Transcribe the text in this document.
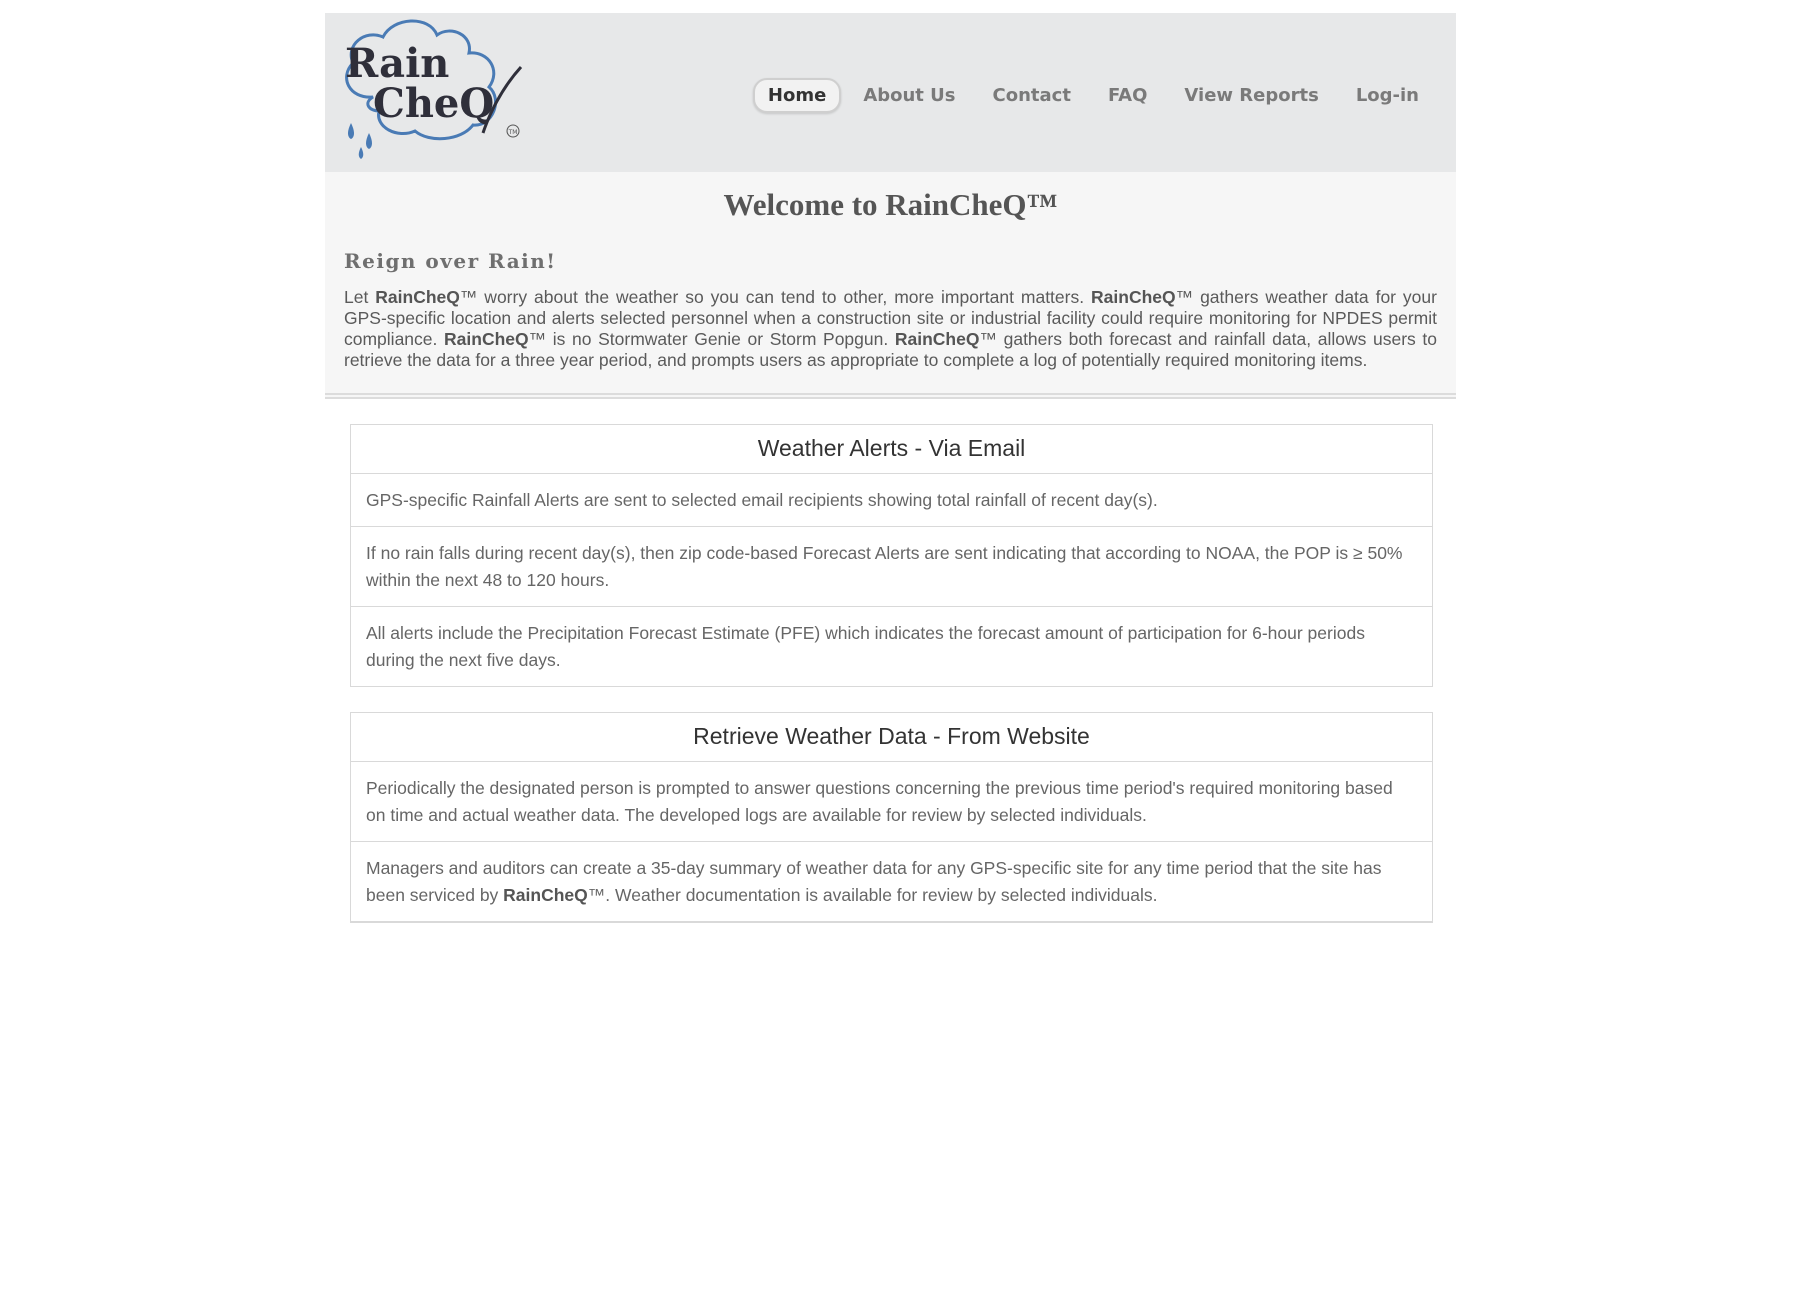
TM
Rain
CheQ	Home	About Us	Contact	FAQ	View Reports	Log-in
Welcome to RainCheQ™
Reign over Rain!

Let RainCheQ™ worry about the weather so you can tend to other, more important matters. RainCheQ™ gathers weather data for your GPS-specific location and alerts selected personnel when a construction site or industrial facility could require monitoring for NPDES permit compliance. RainCheQ™ is no Stormwater Genie or Storm Popgun. RainCheQ™ gathers both forecast and rainfall data, allows users to retrieve the data for a three year period, and prompts users as appropriate to complete a log of potentially required monitoring items.

Weather Alerts - Via Email
GPS-specific Rainfall Alerts are sent to selected email recipients showing total rainfall of recent day(s).
If no rain falls during recent day(s), then zip code-based Forecast Alerts are sent indicating that according to NOAA, the POP is ≥ 50% within the next 48 to 120 hours.
All alerts include the Precipitation Forecast Estimate (PFE) which indicates the forecast amount of participation for 6-hour periods during the next five days.
Retrieve Weather Data - From Website
Periodically the designated person is prompted to answer questions concerning the previous time period's required monitoring based on time and actual weather data. The developed logs are available for review by selected individuals.
Managers and auditors can create a 35-day summary of weather data for any GPS-specific site for any time period that the site has been serviced by RainCheQ™. Weather documentation is available for review by selected individuals.
